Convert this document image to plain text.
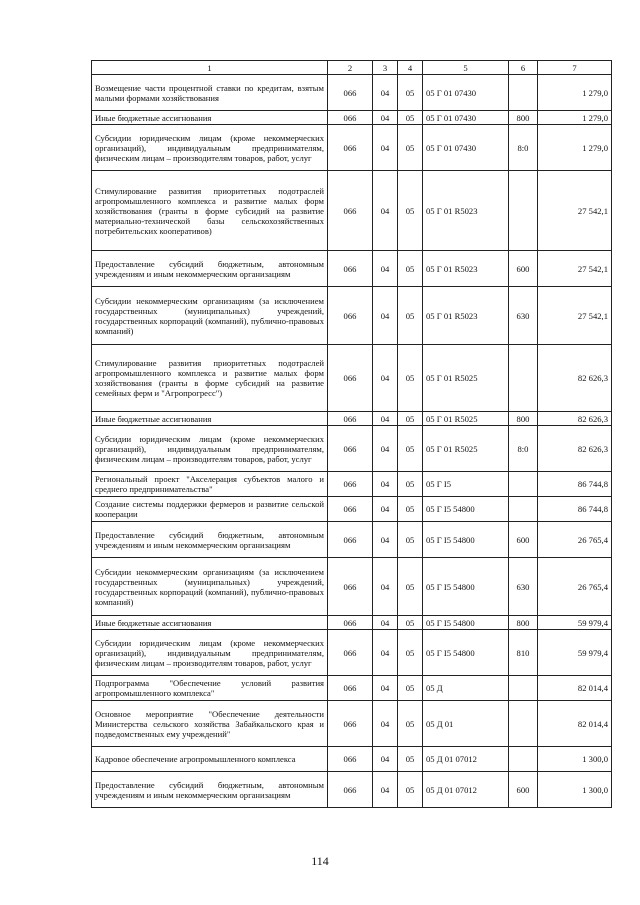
1	2	3	4	5	6	7
Возмещение части процентной ставки по кредитам, взятым малыми формами хозяйствования	066	04	05	05 Г 01 07430		1 279,0
Иные бюджетные ассигнования	066	04	05	05 Г 01 07430	800	1 279,0
Субсидии юридическим лицам (кроме некоммерческих организаций), индивидуальным предпринимателям, физическим лицам – производителям товаров, работ, услуг	066	04	05	05 Г 01 07430	8:0	1 279,0
Стимулирование развития приоритетных подотраслей агропромышленного комплекса и развитие малых форм хозяйствования (гранты в форме субсидий на развитие материально-технической базы сельскохозяйственных потребительских кооперативов)	066	04	05	05 Г 01 R5023		27 542,1
Предоставление субсидий бюджетным, автономным учреждениям и иным некоммерческим организациям	066	04	05	05 Г 01 R5023	600	27 542,1
Субсидии некоммерческим организациям (за исключением государственных (муниципальных) учреждений, государственных корпораций (компаний), публично-правовых компаний)	066	04	05	05 Г 01 R5023	630	27 542,1
Стимулирование развития приоритетных подотраслей агропромышленного комплекса и развитие малых форм хозяйствования (гранты в форме субсидий на развитие семейных ферм и "Агропрогресс")	066	04	05	05 Г 01 R5025		82 626,3
Иные бюджетные ассигнования	066	04	05	05 Г 01 R5025	800	82 626,3
Субсидии юридическим лицам (кроме некоммерческих организаций), индивидуальным предпринимателям, физическим лицам – производителям товаров, работ, услуг	066	04	05	05 Г 01 R5025	8:0	82 626,3
Региональный проект "Акселерация субъектов малого и среднего предпринимательства"	066	04	05	05 Г I5		86 744,8
Создание системы поддержки фермеров и развитие сельской кооперации	066	04	05	05 Г I5 54800		86 744,8
Предоставление субсидий бюджетным, автономным учреждениям и иным некоммерческим организациям	066	04	05	05 Г I5 54800	600	26 765,4
Субсидии некоммерческим организациям (за исключением государственных (муниципальных) учреждений, государственных корпораций (компаний), публично-правовых компаний)	066	04	05	05 Г I5 54800	630	26 765,4
Иные бюджетные ассигнования	066	04	05	05 Г I5 54800	800	59 979,4
Субсидии юридическим лицам (кроме некоммерческих организаций), индивидуальным предпринимателям, физическим лицам – производителям товаров, работ, услуг	066	04	05	05 Г I5 54800	810	59 979,4
Подпрограмма "Обеспечение условий развития агропромышленного комплекса"	066	04	05	05 Д		82 014,4
Основное мероприятие "Обеспечение деятельности Министерства сельского хозяйства Забайкальского края и подведомственных ему учреждений"	066	04	05	05 Д 01		82 014,4
Кадровое обеспечение агропромышленного комплекса	066	04	05	05 Д 01 07012		1 300,0
Предоставление субсидий бюджетным, автономным учреждениям и иным некоммерческим организациям	066	04	05	05 Д 01 07012	600	1 300,0
114
